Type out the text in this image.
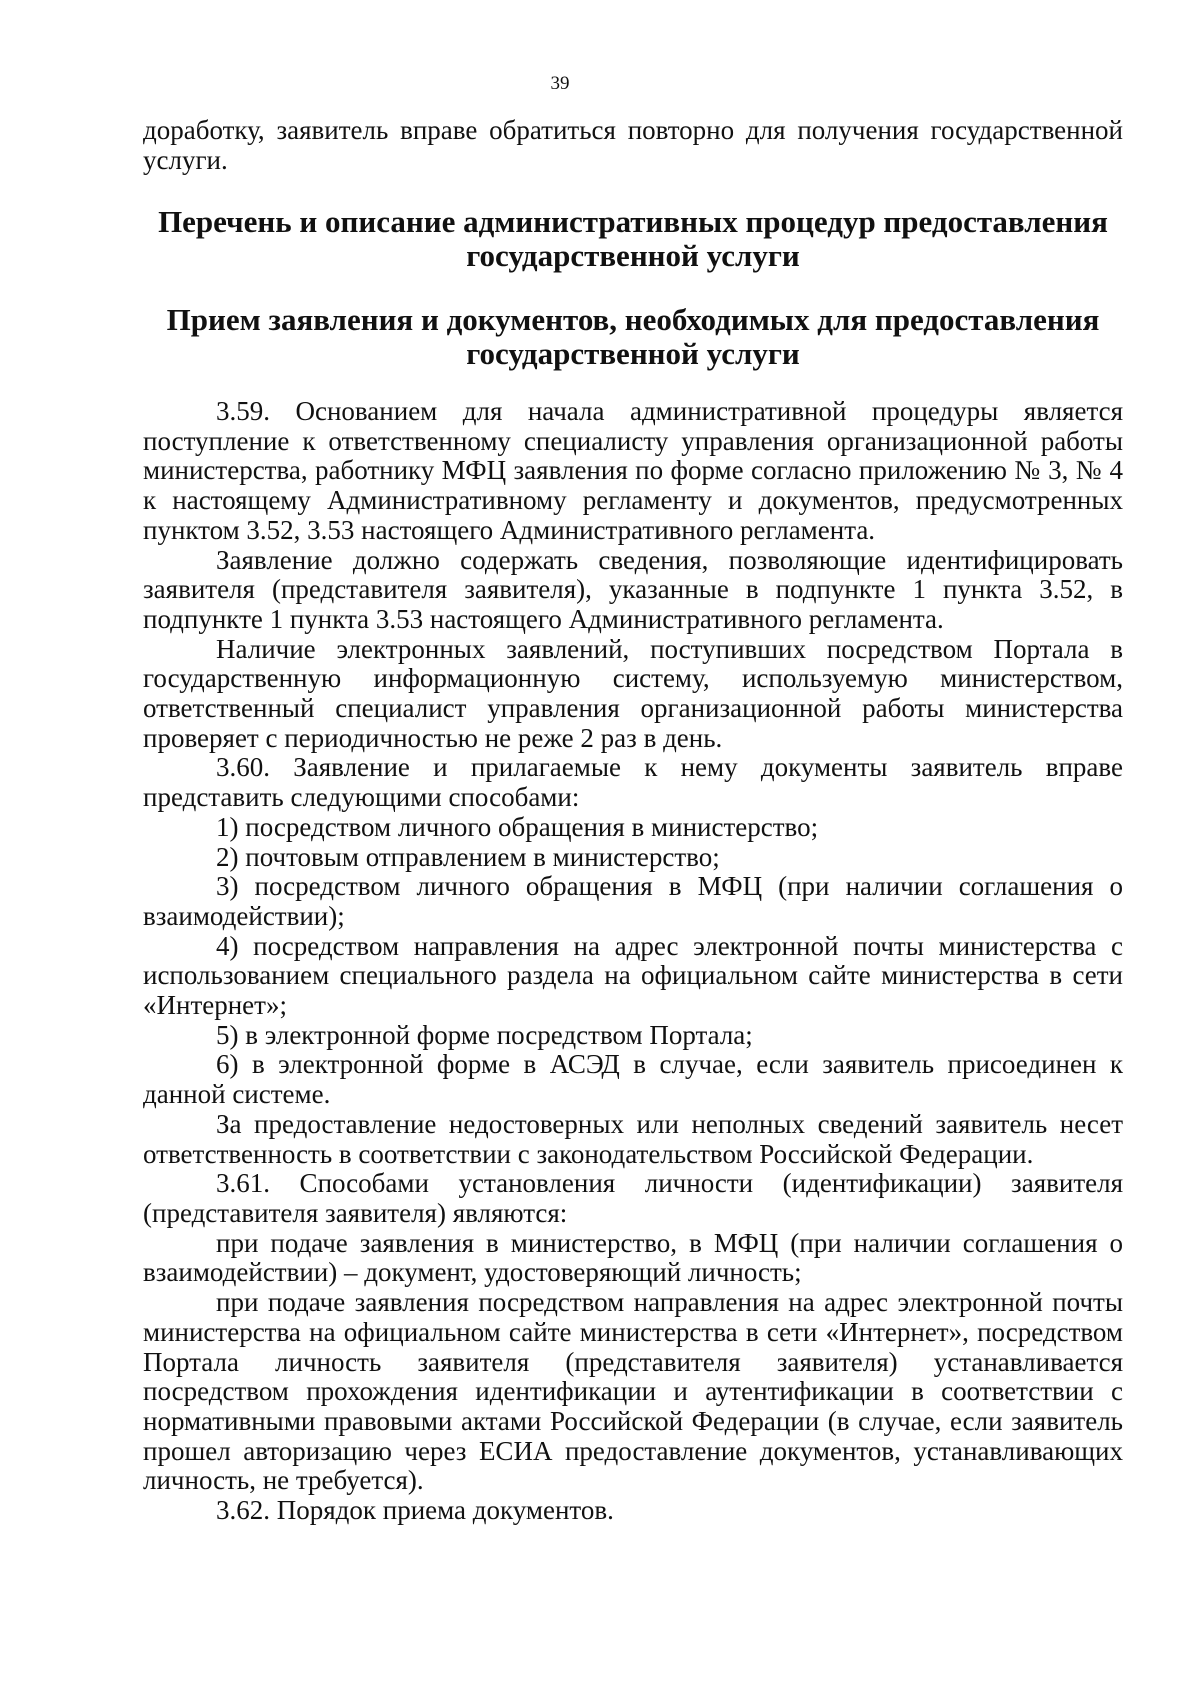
39

доработку, заявитель вправе обратиться повторно для получения государственной услуги.

Перечень и описание административных процедур предоставления государственной услуги
Прием заявления и документов, необходимых для предоставления государственной услуги

3.59. Основанием для начала административной процедуры является поступление к ответственному специалисту управления организационной работы министерства, работнику МФЦ заявления по форме согласно приложению № 3, № 4 к настоящему Административному регламенту и документов, предусмотренных пунктом 3.52, 3.53 настоящего Административного регламента.

Заявление должно содержать сведения, позволяющие идентифицировать заявителя (представителя заявителя), указанные в подпункте 1 пункта 3.52, в подпункте 1 пункта 3.53 настоящего Административного регламента.

Наличие электронных заявлений, поступивших посредством Портала в государственную информационную систему, используемую министерством, ответственный специалист управления организационной работы министерства проверяет с периодичностью не реже 2 раз в день.

3.60. Заявление и прилагаемые к нему документы заявитель вправе представить следующими способами:

1) посредством личного обращения в министерство;

2) почтовым отправлением в министерство;

3) посредством личного обращения в МФЦ (при наличии соглашения о взаимодействии);

4) посредством направления на адрес электронной почты министерства с использованием специального раздела на официальном сайте министерства в сети «Интернет»;

5) в электронной форме посредством Портала;

6) в электронной форме в АСЭД в случае, если заявитель присоединен к данной системе.

За предоставление недостоверных или неполных сведений заявитель несет ответственность в соответствии с законодательством Российской Федерации.

3.61. Способами установления личности (идентификации) заявителя (представителя заявителя) являются:

при подаче заявления в министерство, в МФЦ (при наличии соглашения о взаимодействии) – документ, удостоверяющий личность;

при подаче заявления посредством направления на адрес электронной почты министерства на официальном сайте министерства в сети «Интернет», посредством Портала личность заявителя (представителя заявителя) устанавливается посредством прохождения идентификации и аутентификации в соответствии с нормативными правовыми актами Российской Федерации (в случае, если заявитель прошел авторизацию через ЕСИА предоставление документов, устанавливающих личность, не требуется).

3.62. Порядок приема документов.
